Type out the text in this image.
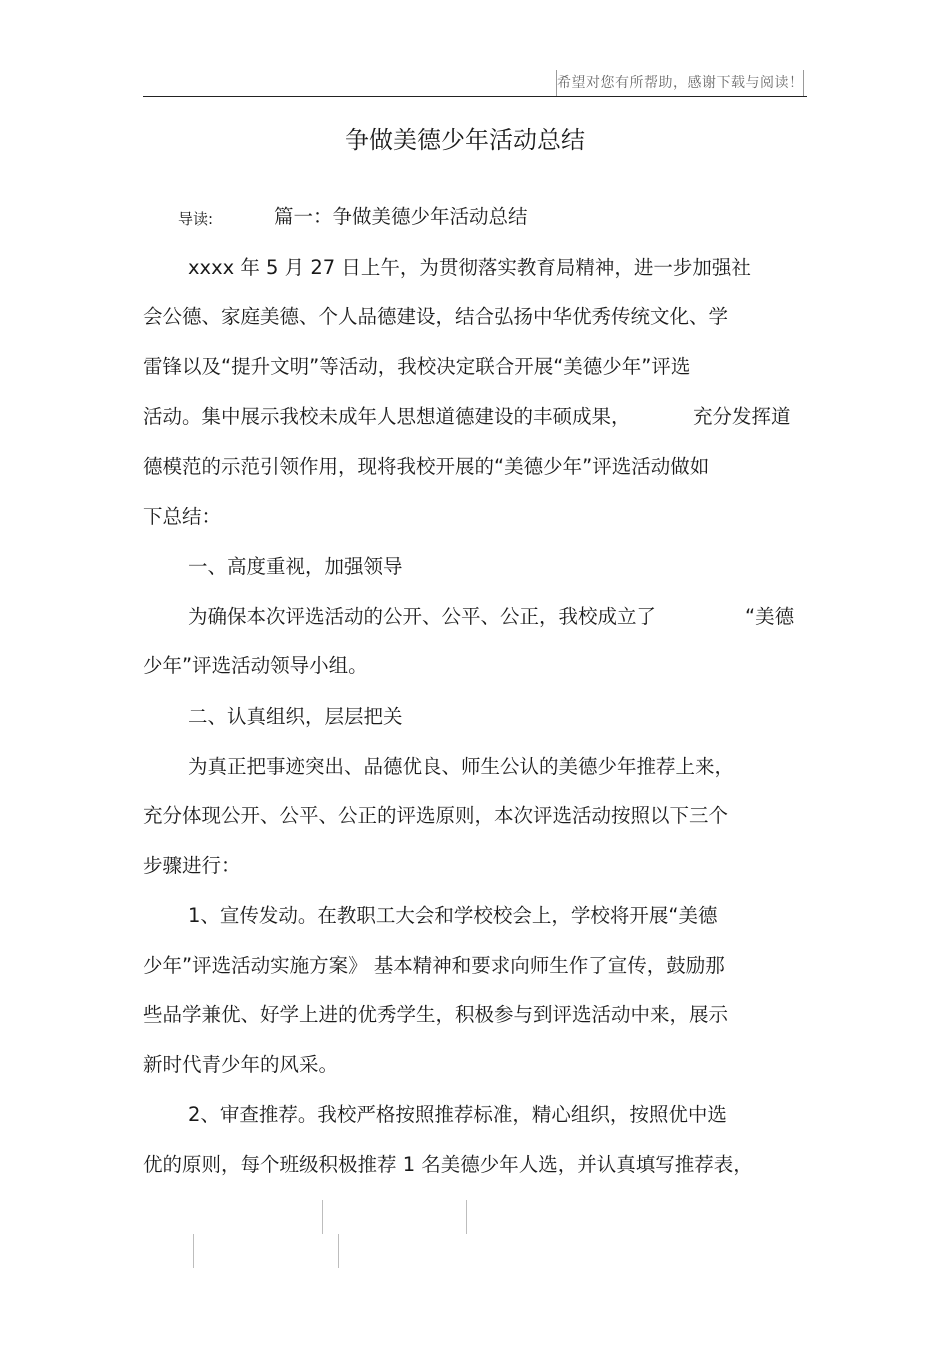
希望对您有所帮助，感谢下载与阅读！
争做美德少年活动总结
导读:	篇一：争做美德少年活动总结
xxxx 年 5 月 27 日上午，为贯彻落实教育局精神，进一步加强社
会公德、家庭美德、个人品德建设，结合弘扬中华优秀传统文化、学
雷锋以及“提升文明”等活动，我校决定联合开展“美德少年”评选
活动。集中展示我校未成年人思想道德建设的丰硕成果，	充分发挥道
德模范的示范引领作用，现将我校开展的“美德少年”评选活动做如
下总结：
一、高度重视，加强领导
为确保本次评选活动的公开、公平、公正，我校成立了	“美德
少年”评选活动领导小组。
二、认真组织，层层把关
为真正把事迹突出、品德优良、师生公认的美德少年推荐上来，
充分体现公开、公平、公正的评选原则，本次评选活动按照以下三个
步骤进行：
1、宣传发动。在教职工大会和学校校会上，学校将开展“美德
少年”评选活动实施方案》 基本精神和要求向师生作了宣传，鼓励那
些品学兼优、好学上进的优秀学生，积极参与到评选活动中来，展示
新时代青少年的风采。
2、审查推荐。我校严格按照推荐标准，精心组织，按照优中选
优的原则，每个班级积极推荐 1 名美德少年人选，并认真填写推荐表，
